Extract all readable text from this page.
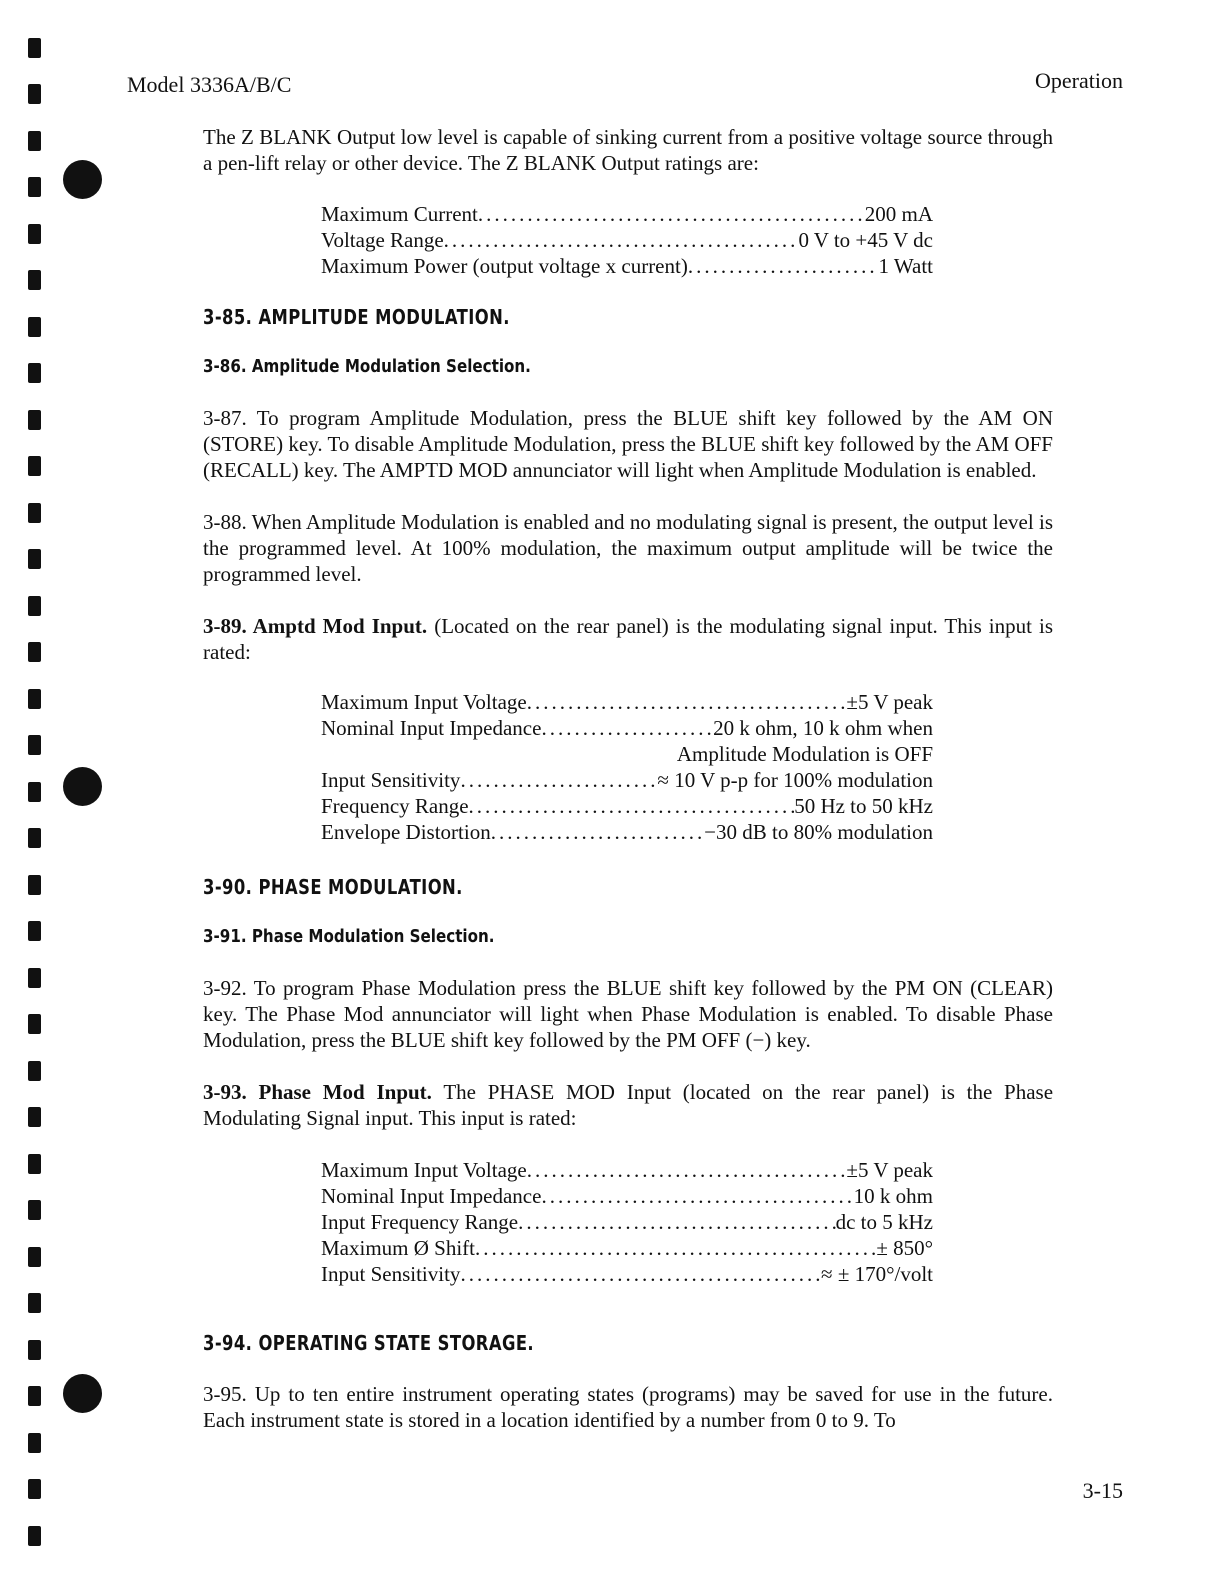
Model 3336A/B/C	Operation

The Z BLANK Output low level is capable of sinking current from a positive voltage source through a pen-lift relay or other device. The Z BLANK Output ratings are:

Maximum Current .....	200 mA
Voltage Range .....	0 V to +45 V dc
Maximum Power (output voltage x current) .....	1 Watt
3-85. AMPLITUDE MODULATION.
3-86. Amplitude Modulation Selection.

3-87. To program Amplitude Modulation, press the BLUE shift key followed by the AM ON (STORE) key. To disable Amplitude Modulation, press the BLUE shift key followed by the AM OFF (RECALL) key. The AMPTD MOD annunciator will light when Amplitude Modulation is enabled.

3-88. When Amplitude Modulation is enabled and no modulating signal is present, the output level is the programmed level. At 100% modulation, the maximum output amplitude will be twice the programmed level.

3-89. Amptd Mod Input. (Located on the rear panel) is the modulating signal input. This input is rated:

Maximum Input Voltage .....	±5 V peak
Nominal Input Impedance .....	20 k ohm, 10 k ohm when
Amplitude Modulation is OFF
Input Sensitivity .....	≈ 10 V p-p for 100% modulation
Frequency Range .....	50 Hz to 50 kHz
Envelope Distortion .....	−30 dB to 80% modulation
3-90. PHASE MODULATION.
3-91. Phase Modulation Selection.

3-92. To program Phase Modulation press the BLUE shift key followed by the PM ON (CLEAR) key. The Phase Mod annunciator will light when Phase Modulation is enabled. To disable Phase Modulation, press the BLUE shift key followed by the PM OFF (−) key.

3-93. Phase Mod Input. The PHASE MOD Input (located on the rear panel) is the Phase Modulating Signal input. This input is rated:

Maximum Input Voltage .....	±5 V peak
Nominal Input Impedance .....	10 k ohm
Input Frequency Range .....	dc to 5 kHz
Maximum Ø Shift .....	± 850°
Input Sensitivity .....	≈ ± 170°/volt
3-94. OPERATING STATE STORAGE.

3-95. Up to ten entire instrument operating states (programs) may be saved for use in the future. Each instrument state is stored in a location identified by a number from 0 to 9. To

3-15
